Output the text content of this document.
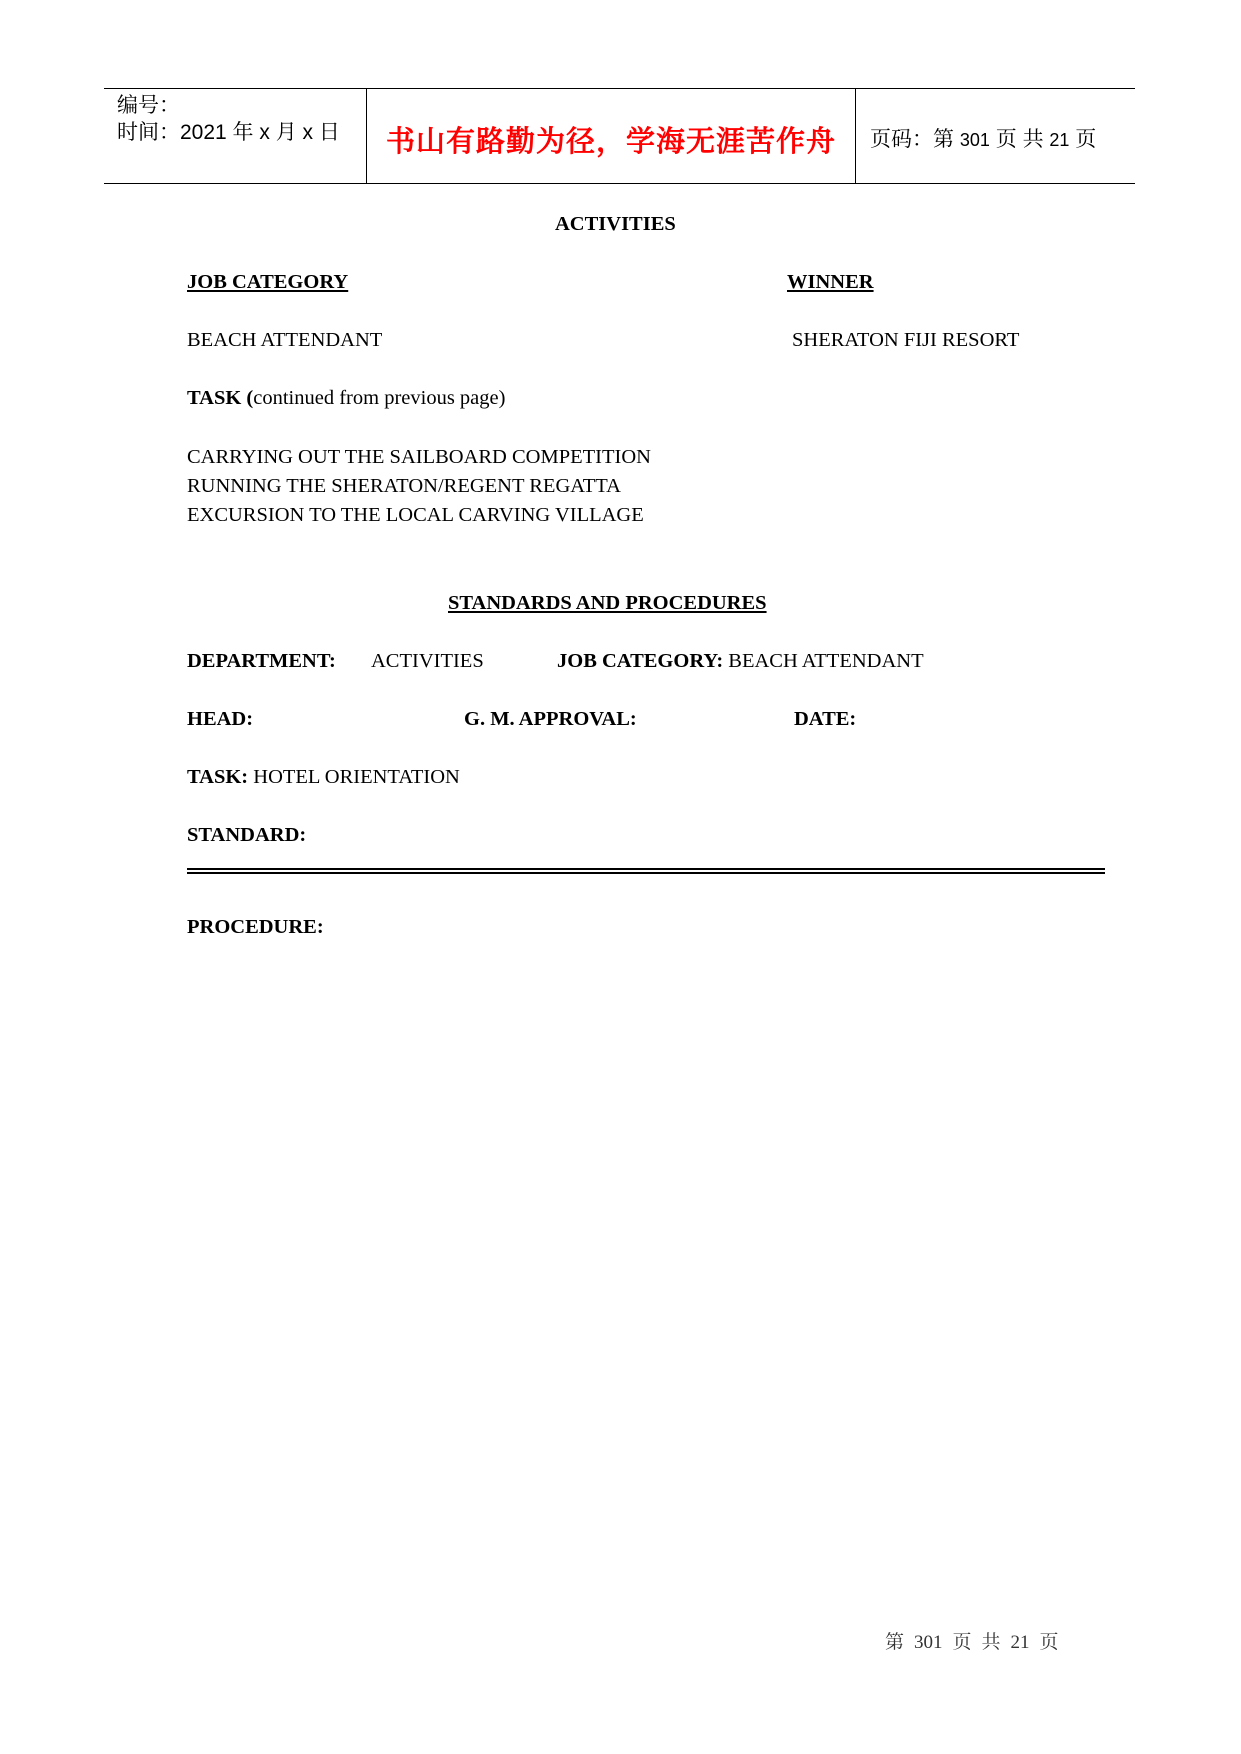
编号：
时间：2021 年 x 月 x 日	书山有路勤为径，学海无涯苦作舟	页码：第 301 页 共 21 页
ACTIVITIES
JOB CATEGORY	WINNER
BEACH ATTENDANT	SHERATON FIJI RESORT
TASK (continued from previous page)
CARRYING OUT THE SAILBOARD COMPETITION
RUNNING THE SHERATON/REGENT REGATTA
EXCURSION TO THE LOCAL CARVING VILLAGE
STANDARDS AND PROCEDURES
DEPARTMENT: ACTIVITIES	JOB CATEGORY: BEACH ATTENDANT
HEAD:	G. M. APPROVAL:	DATE:
TASK: HOTEL ORIENTATION
STANDARD:
PROCEDURE:
第 301 页 共 21 页
